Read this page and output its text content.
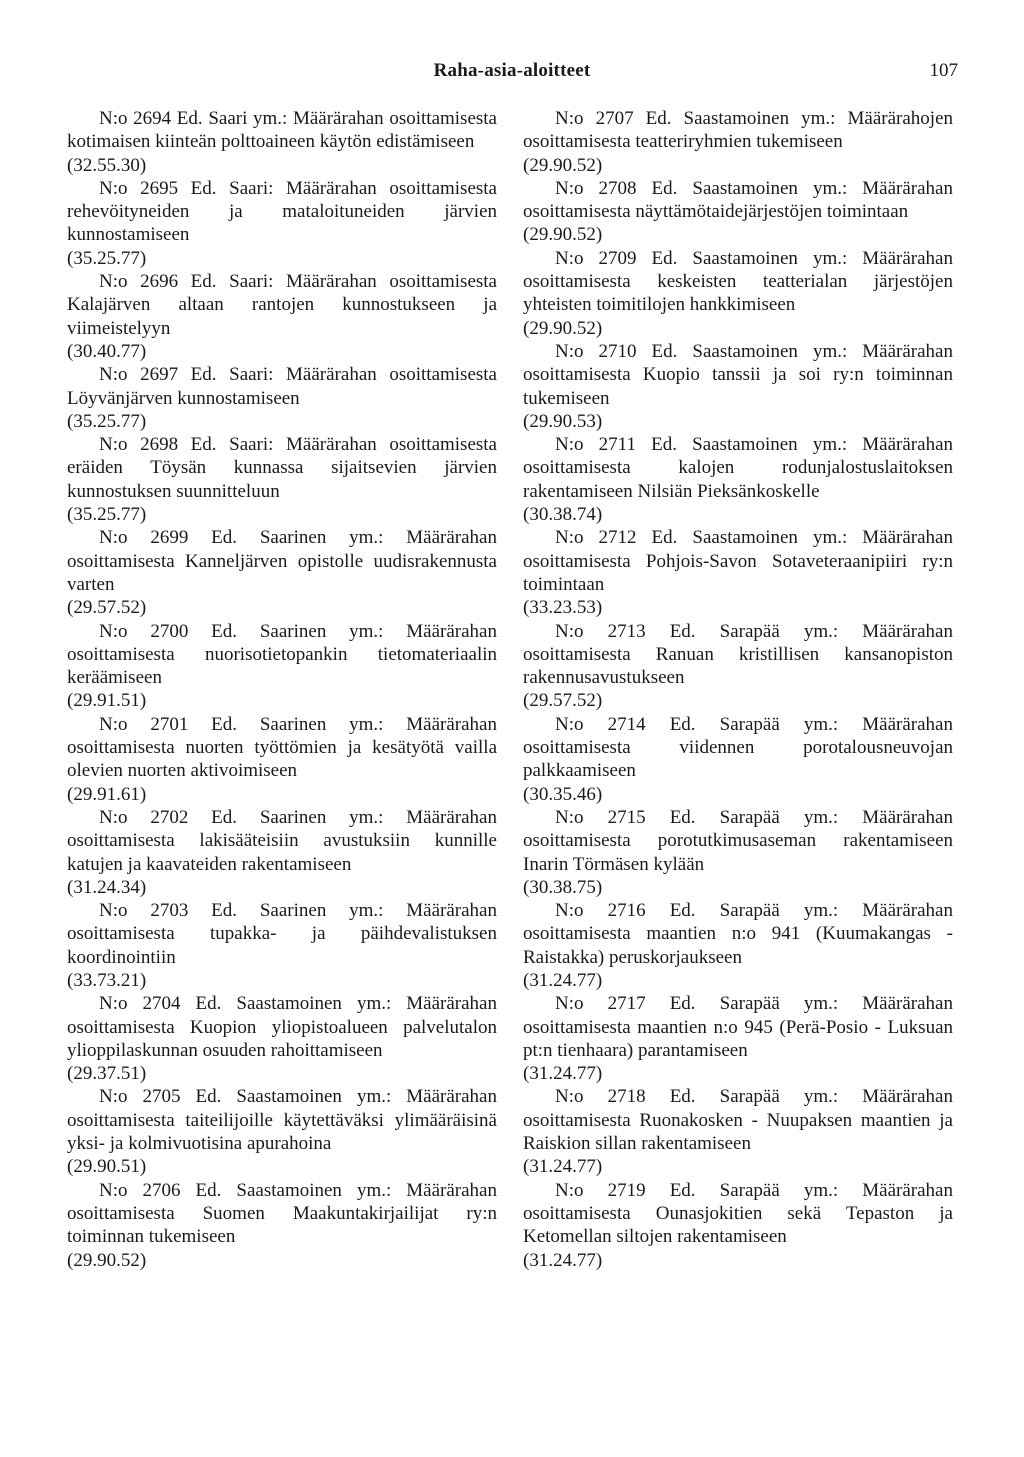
Raha-asia-aloitteet	107

N:o 2694 Ed. Saari ym.: Määrärahan osoittamisesta kotimaisen kiinteän polttoaineen käytön edistämiseen

(32.55.30)

N:o 2695 Ed. Saari: Määrärahan osoittamisesta rehevöityneiden ja mataloituneiden järvien kunnostamiseen

(35.25.77)

N:o 2696 Ed. Saari: Määrärahan osoittamisesta Kalajärven altaan rantojen kunnostukseen ja viimeistelyyn

(30.40.77)

N:o 2697 Ed. Saari: Määrärahan osoittamisesta Löyvänjärven kunnostamiseen

(35.25.77)

N:o 2698 Ed. Saari: Määrärahan osoittamisesta eräiden Töysän kunnassa sijaitsevien järvien kunnostuksen suunnitteluun

(35.25.77)

N:o 2699 Ed. Saarinen ym.: Määrärahan osoittamisesta Kanneljärven opistolle uudisrakennusta varten

(29.57.52)

N:o 2700 Ed. Saarinen ym.: Määrärahan osoittamisesta nuorisotietopankin tietomateriaalin keräämiseen

(29.91.51)

N:o 2701 Ed. Saarinen ym.: Määrärahan osoittamisesta nuorten työttömien ja kesätyötä vailla olevien nuorten aktivoimiseen

(29.91.61)

N:o 2702 Ed. Saarinen ym.: Määrärahan osoittamisesta lakisääteisiin avustuksiin kunnille katujen ja kaavateiden rakentamiseen

(31.24.34)

N:o 2703 Ed. Saarinen ym.: Määrärahan osoittamisesta tupakka- ja päihdevalistuksen koordinointiin

(33.73.21)

N:o 2704 Ed. Saastamoinen ym.: Määrärahan osoittamisesta Kuopion yliopistoalueen palvelutalon ylioppilaskunnan osuuden rahoittamiseen

(29.37.51)

N:o 2705 Ed. Saastamoinen ym.: Määrärahan osoittamisesta taiteilijoille käytettäväksi ylimääräisinä yksi- ja kolmivuotisina apurahoina

(29.90.51)

N:o 2706 Ed. Saastamoinen ym.: Määrärahan osoittamisesta Suomen Maakuntakirjailijat ry:n toiminnan tukemiseen

(29.90.52)

N:o 2707 Ed. Saastamoinen ym.: Määrärahojen osoittamisesta teatteriryhmien tukemiseen

(29.90.52)

N:o 2708 Ed. Saastamoinen ym.: Määrärahan osoittamisesta näyttämötaidejärjestöjen toimintaan

(29.90.52)

N:o 2709 Ed. Saastamoinen ym.: Määrärahan osoittamisesta keskeisten teatterialan järjestöjen yhteisten toimitilojen hankkimiseen

(29.90.52)

N:o 2710 Ed. Saastamoinen ym.: Määrärahan osoittamisesta Kuopio tanssii ja soi ry:n toiminnan tukemiseen

(29.90.53)

N:o 2711 Ed. Saastamoinen ym.: Määrärahan osoittamisesta kalojen rodunjalostuslaitoksen rakentamiseen Nilsiän Pieksänkoskelle

(30.38.74)

N:o 2712 Ed. Saastamoinen ym.: Määrärahan osoittamisesta Pohjois-Savon Sotaveteraanipiiri ry:n toimintaan

(33.23.53)

N:o 2713 Ed. Sarapää ym.: Määrärahan osoittamisesta Ranuan kristillisen kansanopiston rakennusavustukseen

(29.57.52)

N:o 2714 Ed. Sarapää ym.: Määrärahan osoittamisesta viidennen porotalousneuvojan palkkaamiseen

(30.35.46)

N:o 2715 Ed. Sarapää ym.: Määrärahan osoittamisesta porotutkimusaseman rakentamiseen Inarin Törmäsen kylään

(30.38.75)

N:o 2716 Ed. Sarapää ym.: Määrärahan osoittamisesta maantien n:o 941 (Kuumakangas - Raistakka) peruskorjaukseen

(31.24.77)

N:o 2717 Ed. Sarapää ym.: Määrärahan osoittamisesta maantien n:o 945 (Perä-Posio - Luksuan pt:n tienhaara) parantamiseen

(31.24.77)

N:o 2718 Ed. Sarapää ym.: Määrärahan osoittamisesta Ruonakosken - Nuupaksen maantien ja Raiskion sillan rakentamiseen

(31.24.77)

N:o 2719 Ed. Sarapää ym.: Määrärahan osoittamisesta Ounasjokitien sekä Tepaston ja Ketomellan siltojen rakentamiseen

(31.24.77)
